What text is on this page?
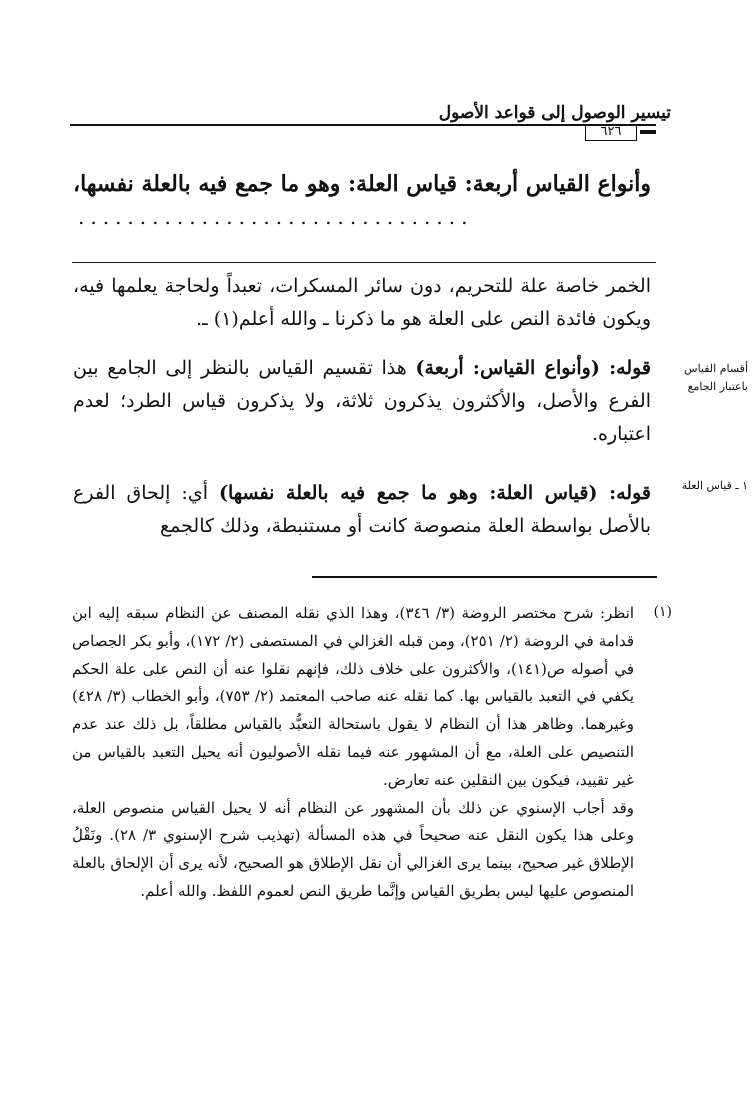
تيسير الوصول إلى قواعد الأصول
٦٢٦
وأنواع القياس أربعة: قياس العلة: وهو ما جمع فيه بالعلة نفسها،
................................
الخمر خاصة علة للتحريم، دون سائر المسكرات، تعبداً ولحاجة يعلمها فيه، ويكون فائدة النص على العلة هو ما ذكرنا ـ والله أعلم(١) ـ.
قوله: (وأنواع القياس: أربعة) هذا تقسيم القياس بالنظر إلى الجامع بين الفرع والأصل، والأكثرون يذكرون ثلاثة، ولا يذكرون قياس الطرد؛ لعدم اعتباره.
قوله: (قياس العلة: وهو ما جمع فيه بالعلة نفسها) أي: إلحاق الفرع بالأصل بواسطة العلة منصوصة كانت أو مستنبطة، وذلك كالجمع
أقسام القياس باعتبار الجامع
١ ـ قياس العلة
(١)

انظر: شرح مختصر الروضة (٣/ ٣٤٦)، وهذا الذي نقله المصنف عن النظام سبقه إليه ابن قدامة في الروضة (٢/ ٢٥١)، ومن قبله الغزالي في المستصفى (٢/ ١٧٢)، وأبو بكر الجصاص في أصوله ص(١٤١)، والأكثرون على خلاف ذلك، فإنهم نقلوا عنه أن النص على علة الحكم يكفي في التعبد بالقياس بها. كما نقله عنه صاحب المعتمد (٢/ ٧٥٣)، وأبو الخطاب (٣/ ٤٢٨) وغيرهما. وظاهر هذا أن النظام لا يقول باستحالة التعبُّد بالقياس مطلقاً، بل ذلك عند عدم التنصيص على العلة، مع أن المشهور عنه فيما نقله الأصوليون أنه يحيل التعبد بالقياس من غير تقييد، فيكون بين النقلين عنه تعارض.

وقد أجاب الإسنوي عن ذلك بأن المشهور عن النظام أنه لا يحيل القياس منصوص العلة، وعلى هذا يكون النقل عنه صحيحاً في هذه المسألة (تهذيب شرح الإسنوي ٣/ ٢٨). ونَقْلُ الإطلاق غير صحيح، بينما يرى الغزالي أن نقل الإطلاق هو الصحيح، لأنه يرى أن الإلحاق بالعلة المنصوص عليها ليس بطريق القياس وإنَّما طريق النص لعموم اللفظ. والله أعلم.
